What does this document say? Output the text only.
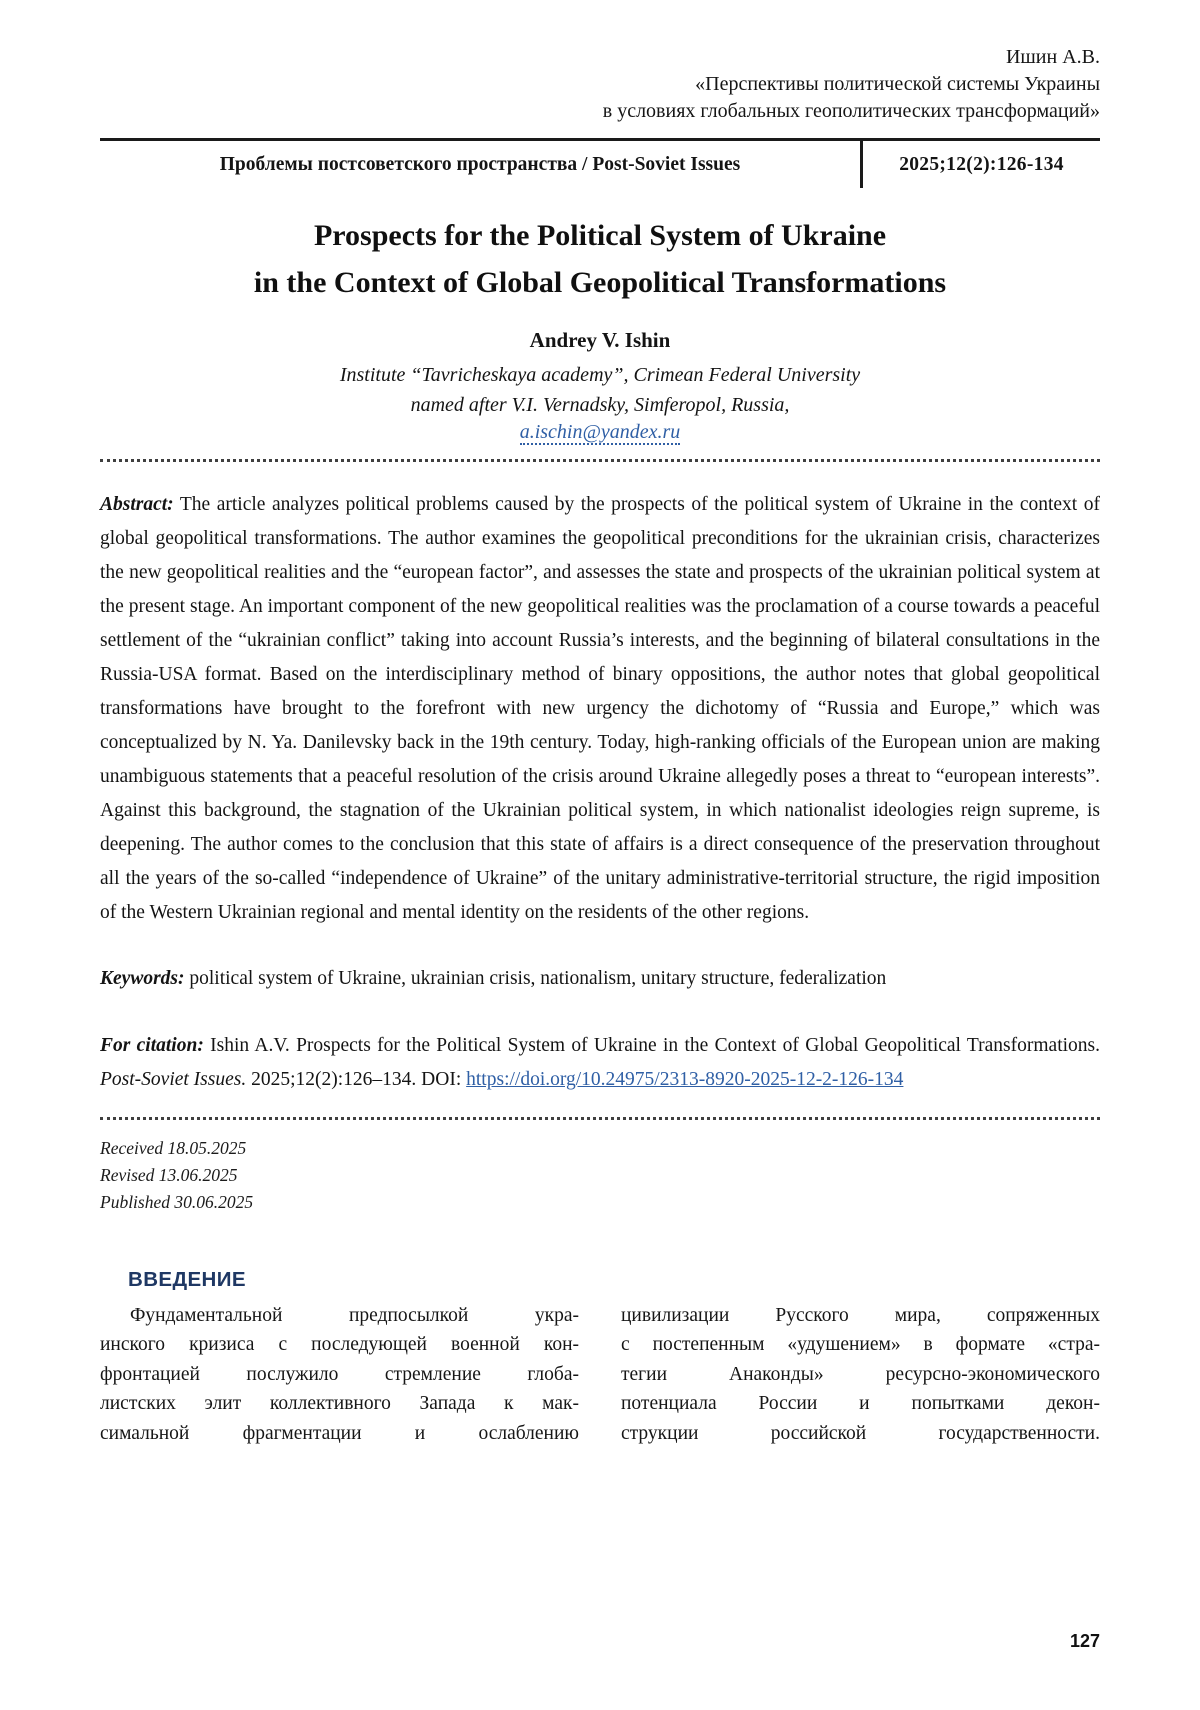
Ишин А.В.
«Перспективы политической системы Украины
в условиях глобальных геополитических трансформаций»
Проблемы постсоветского пространства / Post-Soviet Issues	2025;12(2):126-134
Prospects for the Political System of Ukraine
in the Context of Global Geopolitical Transformations
Andrey V. Ishin
Institute “Tavricheskaya academy”, Crimean Federal University
named after V.I. Vernadsky, Simferopol, Russia,
a.ischin@yandex.ru

Abstract: The article analyzes political problems caused by the prospects of the political system of Ukraine in the context of global geopolitical transformations. The author examines the geopolitical preconditions for the ukrainian crisis, characterizes the new geopolitical realities and the “european factor”, and assesses the state and prospects of the ukrainian political system at the present stage. An important component of the new geopolitical realities was the proclamation of a course towards a peaceful settlement of the “ukrainian conflict” taking into account Russia’s interests, and the beginning of bilateral consultations in the Russia-USA format. Based on the interdisciplinary method of binary oppositions, the author notes that global geopolitical transformations have brought to the forefront with new urgency the dichotomy of “Russia and Europe,” which was conceptualized by N. Ya. Danilevsky back in the 19th century. Today, high-ranking officials of the European union are making unambiguous statements that a peaceful resolution of the crisis around Ukraine allegedly poses a threat to “european interests”. Against this background, the stagnation of the Ukrainian political system, in which nationalist ideologies reign supreme, is deepening. The author comes to the conclusion that this state of affairs is a direct consequence of the preservation throughout all the years of the so-called “independence of Ukraine” of the unitary administrative-territorial structure, the rigid imposition of the Western Ukrainian regional and mental identity on the residents of the other regions.

Keywords: political system of Ukraine, ukrainian crisis, nationalism, unitary structure, federalization

For citation: Ishin A.V. Prospects for the Political System of Ukraine in the Context of Global Geopolitical Transformations. Post-Soviet Issues. 2025;12(2):126–134. DOI: https://doi.org/10.24975/2313-8920-2025-12-2-126-134

Received 18.05.2025
Revised 13.06.2025
Published 30.06.2025
ВВЕДЕНИЕ
Фундаментальной предпосылкой укра-
инского кризиса с последующей военной кон-
фронтацией послужило стремление глоба-
листских элит коллективного Запада к мак-
симальной фрагментации и ослаблению
цивилизации Русского мира, сопряженных
с постепенным «удушением» в формате «стра-
тегии Анаконды» ресурсно-экономического
потенциала России и попытками декон-
струкции российской государственности.
127
